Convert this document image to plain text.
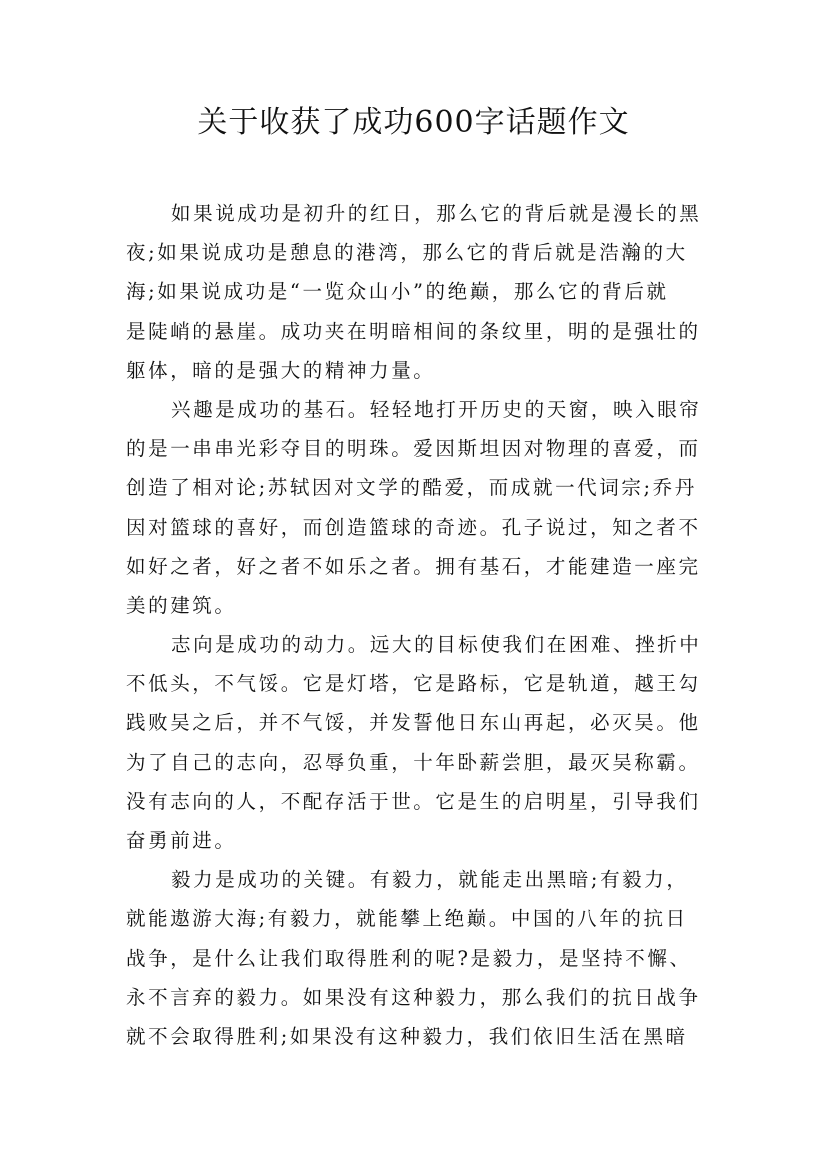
关于收获了成功600字话题作文
如果说成功是初升的红日，那么它的背后就是漫长的黑
夜;如果说成功是憩息的港湾，那么它的背后就是浩瀚的大
海;如果说成功是“一览众山小”的绝巅，那么它的背后就
是陡峭的悬崖。成功夹在明暗相间的条纹里，明的是强壮的
躯体，暗的是强大的精神力量。
兴趣是成功的基石。轻轻地打开历史的天窗，映入眼帘
的是一串串光彩夺目的明珠。爱因斯坦因对物理的喜爱，而
创造了相对论;苏轼因对文学的酷爱，而成就一代词宗;乔丹
因对篮球的喜好，而创造篮球的奇迹。孔子说过，知之者不
如好之者，好之者不如乐之者。拥有基石，才能建造一座完
美的建筑。
志向是成功的动力。远大的目标使我们在困难、挫折中
不低头，不气馁。它是灯塔，它是路标，它是轨道，越王勾
践败吴之后，并不气馁，并发誓他日东山再起，必灭吴。他
为了自己的志向，忍辱负重，十年卧薪尝胆，最灭吴称霸。
没有志向的人，不配存活于世。它是生的启明星，引导我们
奋勇前进。
毅力是成功的关键。有毅力，就能走出黑暗;有毅力，
就能遨游大海;有毅力，就能攀上绝巅。中国的八年的抗日
战争，是什么让我们取得胜利的呢?是毅力，是坚持不懈、
永不言弃的毅力。如果没有这种毅力，那么我们的抗日战争
就不会取得胜利;如果没有这种毅力，我们依旧生活在黑暗
